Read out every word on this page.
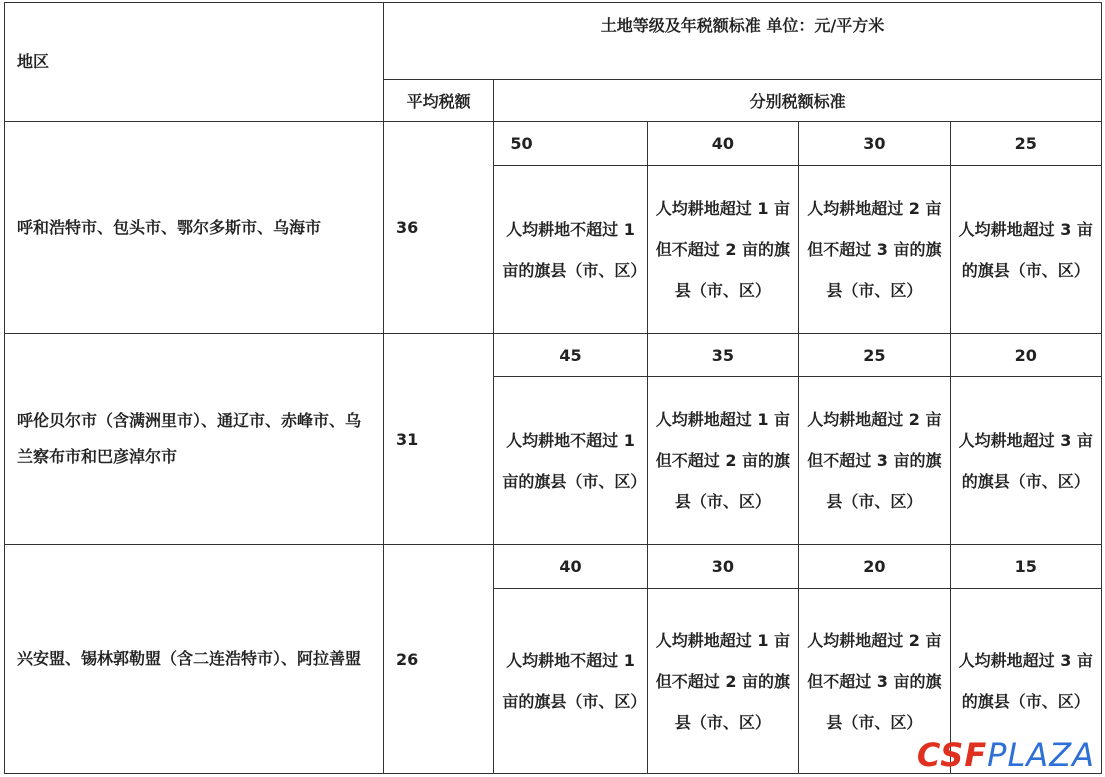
地区	土地等级及年税额标准 单位：元/平方米				
	平均税额	分别税额标准			
呼和浩特市、包头市、鄂尔多斯市、乌海市	36	50	40	30	25
		人均耕地不超过 1 亩的旗县（市、区）	人均耕地超过 1 亩但不超过 2 亩的旗县（市、区）	人均耕地超过 2 亩但不超过 3 亩的旗县（市、区）	人均耕地超过 3 亩的旗县（市、区）
呼伦贝尔市（含满洲里市）、通辽市、赤峰市、乌兰察布市和巴彦淖尔市	31	45	35	25	20
		人均耕地不超过 1 亩的旗县（市、区）	人均耕地超过 1 亩但不超过 2 亩的旗县（市、区）	人均耕地超过 2 亩但不超过 3 亩的旗县（市、区）	人均耕地超过 3 亩的旗县（市、区）
兴安盟、锡林郭勒盟（含二连浩特市）、阿拉善盟	26	40	30	20	15
		人均耕地不超过 1 亩的旗县（市、区）	人均耕地超过 1 亩但不超过 2 亩的旗县（市、区）	人均耕地超过 2 亩但不超过 3 亩的旗县（市、区）	人均耕地超过 3 亩的旗县（市、区）
CSFPLAZA
